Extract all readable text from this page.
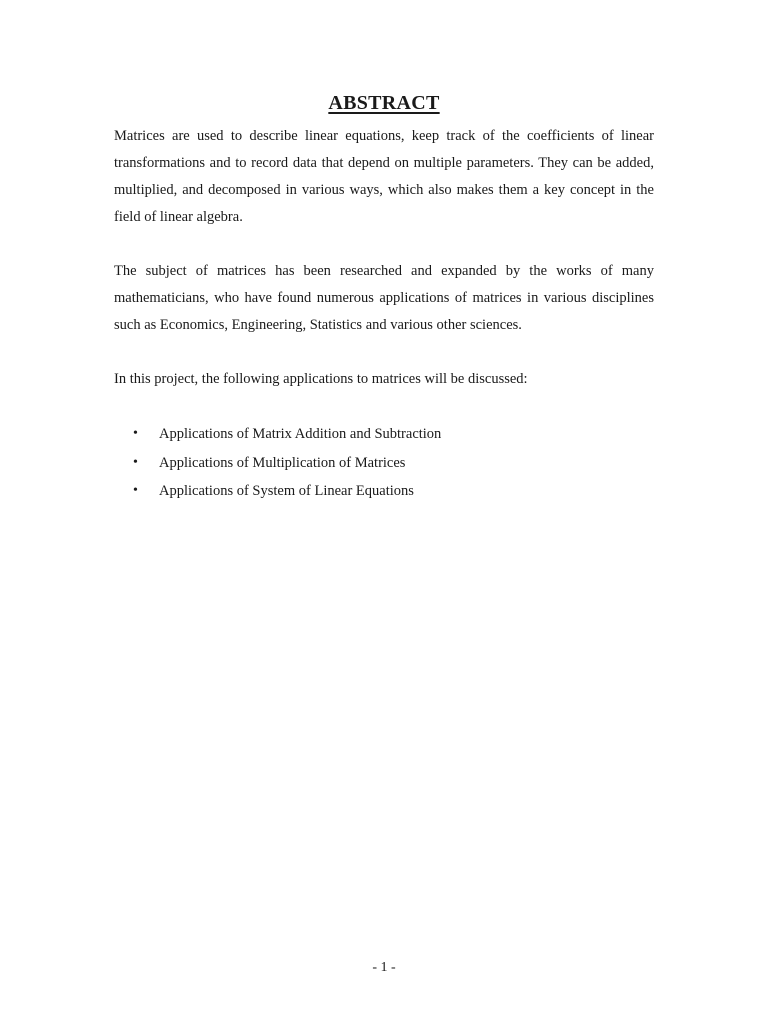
ABSTRACT

Matrices are used to describe linear equations, keep track of the coefficients of linear transformations and to record data that depend on multiple parameters. They can be added, multiplied, and decomposed in various ways, which also makes them a key concept in the field of linear algebra.

The subject of matrices has been researched and expanded by the works of many mathematicians, who have found numerous applications of matrices in various disciplines such as Economics, Engineering, Statistics and various other sciences.

In this project, the following applications to matrices will be discussed:

• Applications of Matrix Addition and Subtraction
• Applications of Multiplication of Matrices
• Applications of System of Linear Equations

- 1 -
